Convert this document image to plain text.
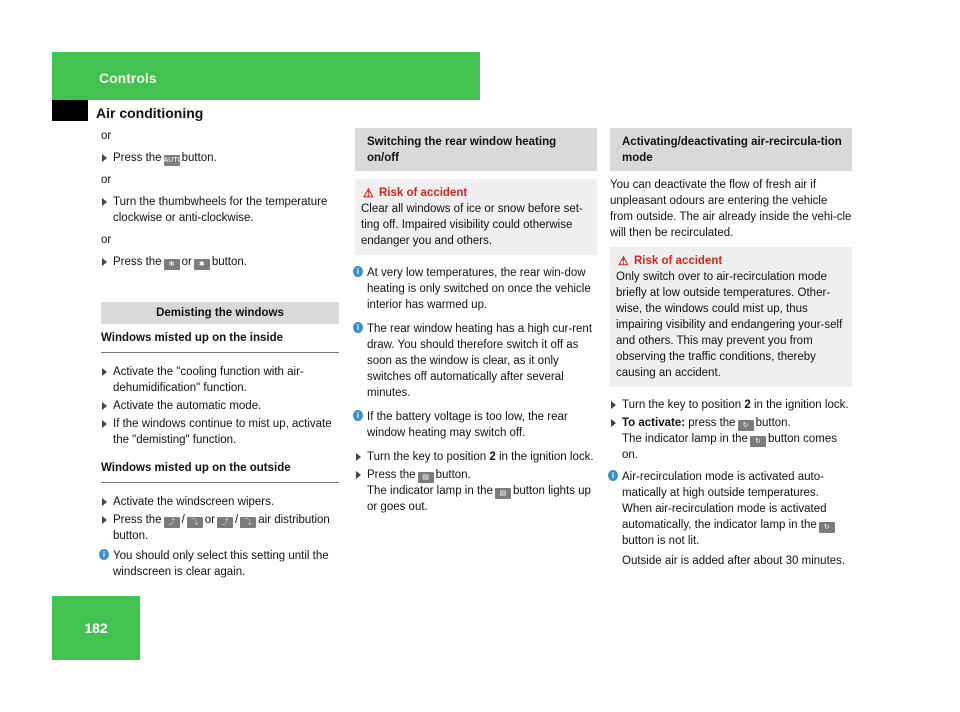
Controls
Air conditioning
182

or

Press the AUTObutton.

or

Turn the thumbwheels for the temperature clockwise or anti-clockwise.

or

Press the ✻ or ✱ button.

Demisting the windows

Windows misted up on the inside

Activate the "cooling function with air-dehumidification" function.

Activate the automatic mode.

If the windows continue to mist up, activate the "demisting" function.

Windows misted up on the outside

Activate the windscreen wipers.

Press the ⤴ / ⤵ or ⤴ / ⤵ air distribution button.

i You should only select this setting until the windscreen is clear again.

Switching the rear window heating on/off

⚠ Risk of accident

Clear all windows of ice or snow before set-ting off. Impaired visibility could otherwise endanger you and others.

i At very low temperatures, the rear win-dow heating is only switched on once the vehicle interior has warmed up.

i The rear window heating has a high cur-rent draw. You should therefore switch it off as soon as the window is clear, as it only switches off automatically after several minutes.

i If the battery voltage is too low, the rear window heating may switch off.

Turn the key to position 2 in the ignition lock.

Press the ▤ button.
The indicator lamp in the ▤ button lights up or goes out.

Activating/deactivating air-recircula-tion mode

You can deactivate the flow of fresh air if unpleasant odours are entering the vehicle from outside. The air already inside the vehi-cle will then be recirculated.

⚠ Risk of accident

Only switch over to air-recirculation mode briefly at low outside temperatures. Other-wise, the windows could mist up, thus impairing visibility and endangering your-self and others. This may prevent you from observing the traffic conditions, thereby causing an accident.

Turn the key to position 2 in the ignition lock.

To activate: press the ↻ button.
The indicator lamp in the ↻ button comes on.

i Air-recirculation mode is activated auto-matically at high outside temperatures. When air-recirculation mode is activated automatically, the indicator lamp in the ↻button is not lit.

Outside air is added after about 30 minutes.
